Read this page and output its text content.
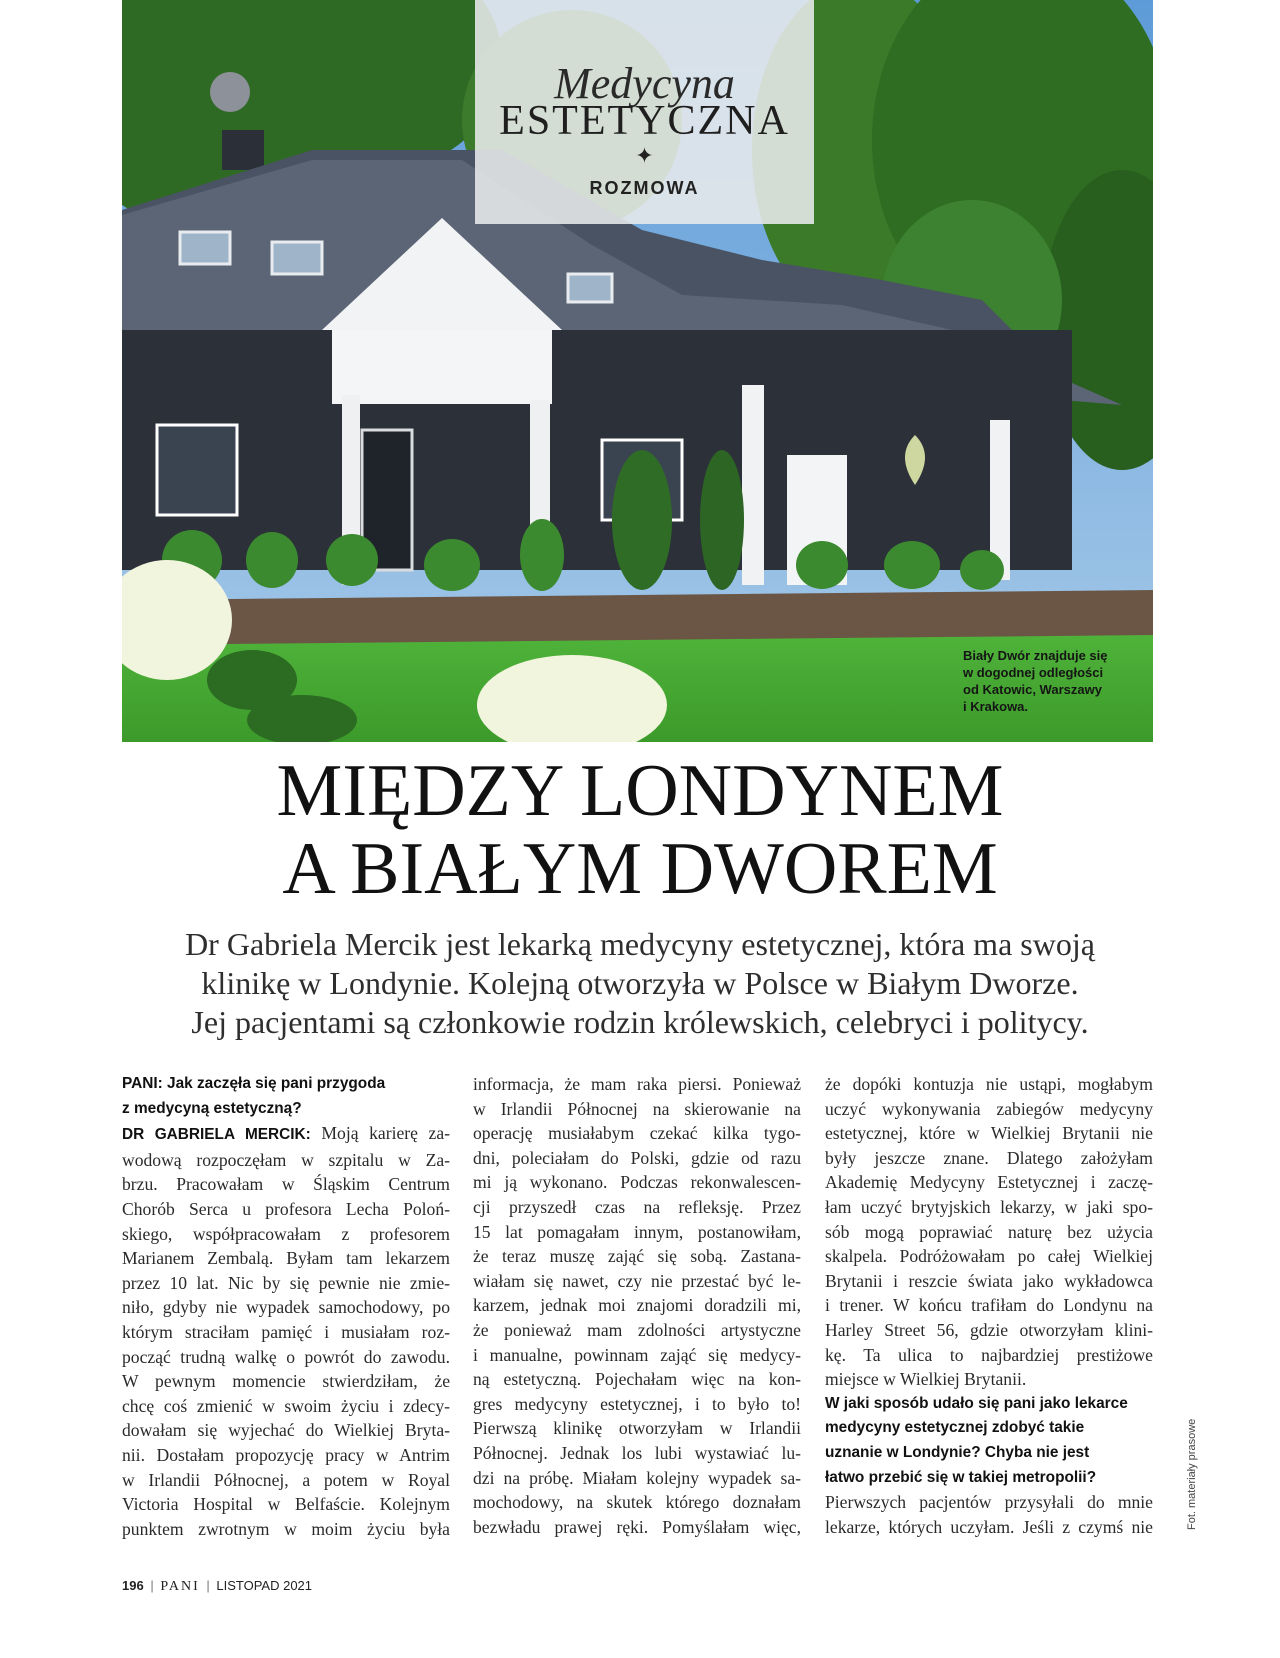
Medycyna
ESTETYCZNA
✦
ROZMOWA
Biały Dwór znajduje się
w dogodnej odległości
od Katowic, Warszawy
i Krakowa.
MIĘDZY LONDYNEM
A BIAŁYM DWOREM
Dr Gabriela Mercik jest lekarką medycyny estetycznej, która ma swoją
klinikę w Londynie. Kolejną otworzyła w Polsce w Białym Dworze.
Jej pacjentami są członkowie rodzin królewskich, celebryci i politycy.
PANI: Jak zaczęła się pani przygoda
z medycyną estetyczną?
DR GABRIELA MERCIK: Moją karierę za-
wodową rozpoczęłam w szpitalu w Za-
brzu. Pracowałam w Śląskim Centrum
Chorób Serca u profesora Lecha Poloń-
skiego, współpracowałam z profesorem
Marianem Zembalą. Byłam tam lekarzem
przez 10 lat. Nic by się pewnie nie zmie-
niło, gdyby nie wypadek samochodowy, po
którym straciłam pamięć i musiałam roz-
począć trudną walkę o powrót do zawodu.
W pewnym momencie stwierdziłam, że
chcę coś zmienić w swoim życiu i zdecy-
dowałam się wyjechać do Wielkiej Bryta-
nii. Dostałam propozycję pracy w Antrim
w Irlandii Północnej, a potem w Royal
Victoria Hospital w Belfaście. Kolejnym
punktem zwrotnym w moim życiu była
informacja, że mam raka piersi. Ponieważ
w Irlandii Północnej na skierowanie na
operację musiałabym czekać kilka tygo-
dni, poleciałam do Polski, gdzie od razu
mi ją wykonano. Podczas rekonwalescen-
cji przyszedł czas na refleksję. Przez
15 lat pomagałam innym, postanowiłam,
że teraz muszę zająć się sobą. Zastana-
wiałam się nawet, czy nie przestać być le-
karzem, jednak moi znajomi doradzili mi,
że ponieważ mam zdolności artystyczne
i manualne, powinnam zająć się medycy-
ną estetyczną. Pojechałam więc na kon-
gres medycyny estetycznej, i to było to!
Pierwszą klinikę otworzyłam w Irlandii
Północnej. Jednak los lubi wystawiać lu-
dzi na próbę. Miałam kolejny wypadek sa-
mochodowy, na skutek którego doznałam
bezwładu prawej ręki. Pomyślałam więc,
że dopóki kontuzja nie ustąpi, mogłabym
uczyć wykonywania zabiegów medycyny
estetycznej, które w Wielkiej Brytanii nie
były jeszcze znane. Dlatego założyłam
Akademię Medycyny Estetycznej i zaczę-
łam uczyć brytyjskich lekarzy, w jaki spo-
sób mogą poprawiać naturę bez użycia
skalpela. Podróżowałam po całej Wielkiej
Brytanii i reszcie świata jako wykładowca
i trener. W końcu trafiłam do Londynu na
Harley Street 56, gdzie otworzyłam klini-
kę. Ta ulica to najbardziej prestiżowe
miejsce w Wielkiej Brytanii.
W jaki sposób udało się pani jako lekarce
medycyny estetycznej zdobyć takie
uznanie w Londynie? Chyba nie jest
łatwo przebić się w takiej metropolii?
Pierwszych pacjentów przysyłali do mnie
lekarze, których uczyłam. Jeśli z czymś nie	Fot. materiały prasowe
196 | PANI | LISTOPAD 2021
